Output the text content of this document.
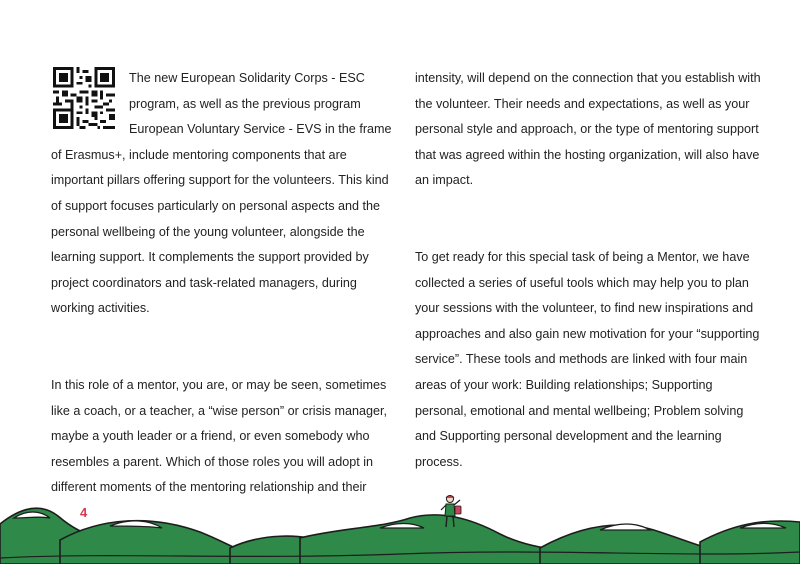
The new European Solidarity Corps - ESC program, as well as the previous program European Voluntary Service - EVS in the frame of Erasmus+, include mentoring components that are important pillars offering support for the volunteers. This kind of support focuses particularly on personal aspects and the personal wellbeing of the young volunteer, alongside the learning support. It complements the support provided by project coordinators and task-related managers, during working activities.

In this role of a mentor, you are, or may be seen, sometimes like a coach, or a teacher, a “wise person” or crisis manager, maybe a youth leader or a friend, or even somebody who resembles a parent. Which of those roles you will adopt in different moments of the mentoring relationship and their

intensity, will depend on the connection that you establish with the volunteer. Their needs and expectations, as well as your personal style and approach, or the type of mentoring support that was agreed within the hosting organization, will also have an impact.

To get ready for this special task of being a Mentor, we have collected a series of useful tools which may help you to plan your sessions with the volunteer, to find new inspirations and approaches and also gain new motivation for your “supporting service”. These tools and methods are linked with four main areas of your work: Building relationships; Supporting personal, emotional and mental wellbeing; Problem solving and Supporting personal development and the learning process.

4
